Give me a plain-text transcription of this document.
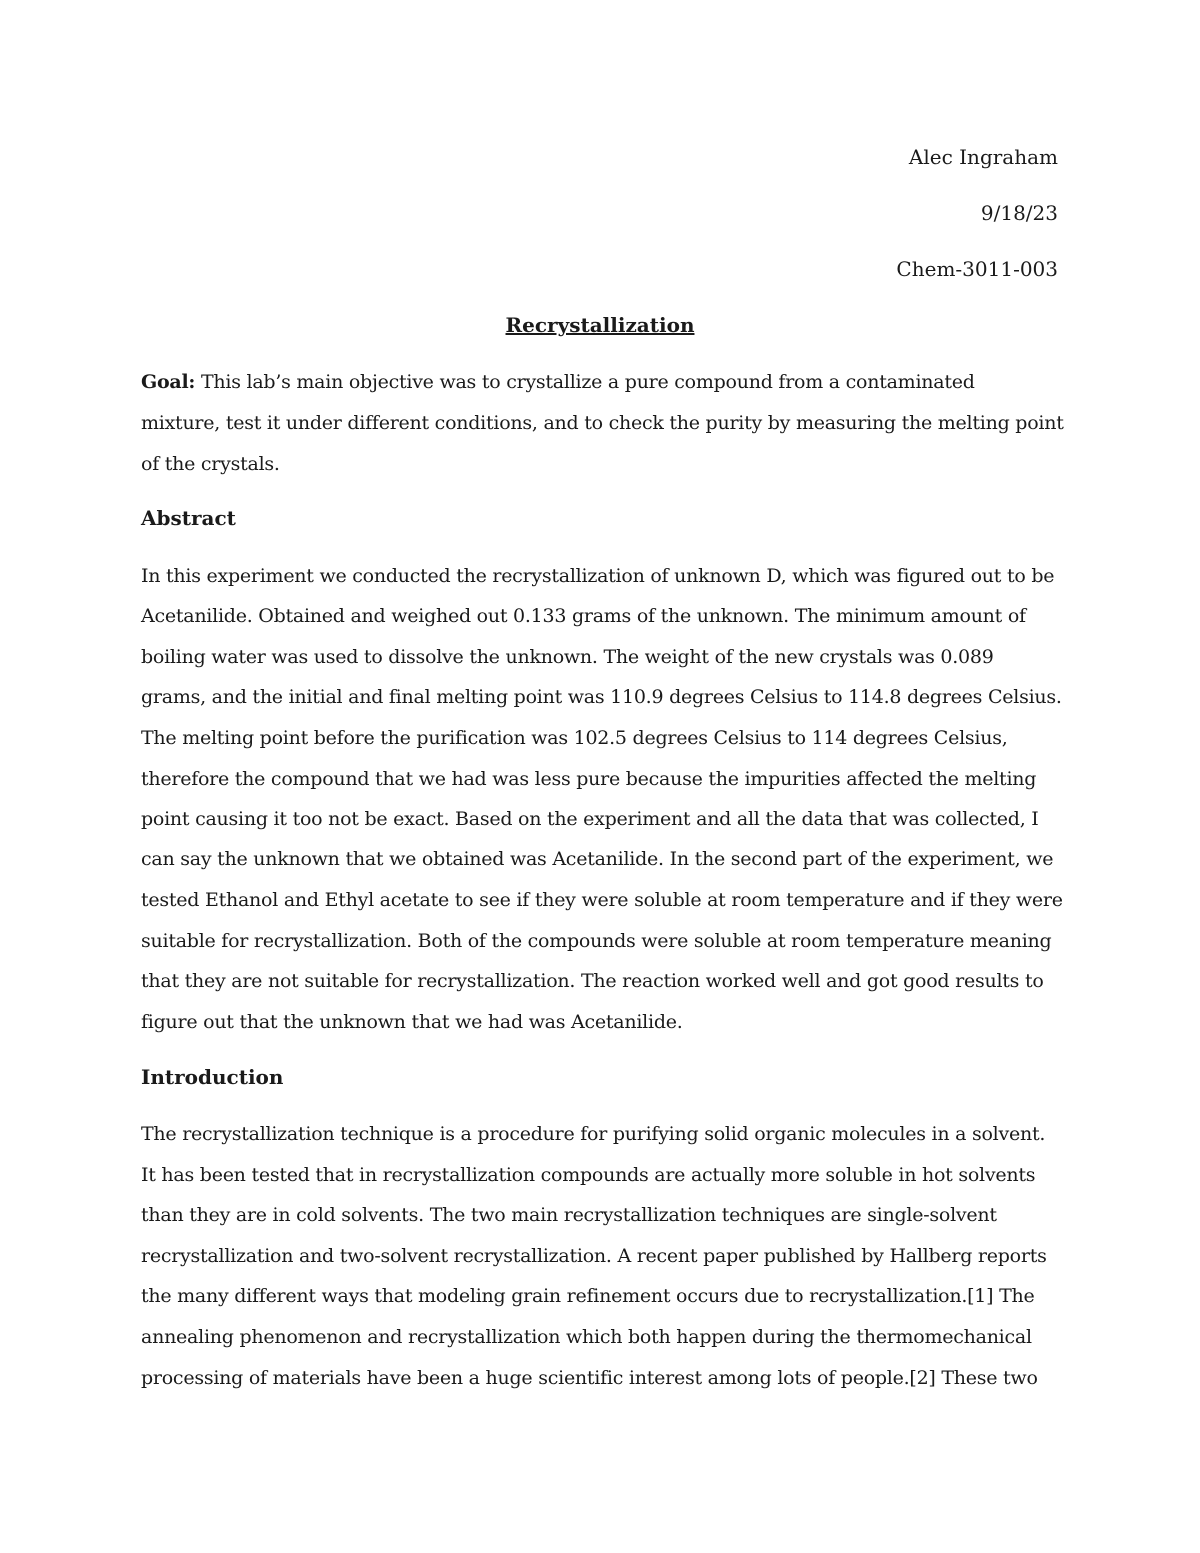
Alec Ingraham
9/18/23
Chem-3011-003
Recrystallization
Goal: This lab’s main objective was to crystallize a pure compound from a contaminated
mixture, test it under different conditions, and to check the purity by measuring the melting point
of the crystals.
Abstract
In this experiment we conducted the recrystallization of unknown D, which was figured out to be
Acetanilide. Obtained and weighed out 0.133 grams of the unknown. The minimum amount of
boiling water was used to dissolve the unknown. The weight of the new crystals was 0.089
grams, and the initial and final melting point was 110.9 degrees Celsius to 114.8 degrees Celsius.
The melting point before the purification was 102.5 degrees Celsius to 114 degrees Celsius,
therefore the compound that we had was less pure because the impurities affected the melting
point causing it too not be exact. Based on the experiment and all the data that was collected, I
can say the unknown that we obtained was Acetanilide. In the second part of the experiment, we
tested Ethanol and Ethyl acetate to see if they were soluble at room temperature and if they were
suitable for recrystallization. Both of the compounds were soluble at room temperature meaning
that they are not suitable for recrystallization. The reaction worked well and got good results to
figure out that the unknown that we had was Acetanilide.
Introduction
The recrystallization technique is a procedure for purifying solid organic molecules in a solvent.
It has been tested that in recrystallization compounds are actually more soluble in hot solvents
than they are in cold solvents. The two main recrystallization techniques are single-solvent
recrystallization and two-solvent recrystallization. A recent paper published by Hallberg reports
the many different ways that modeling grain refinement occurs due to recrystallization.[1] The
annealing phenomenon and recrystallization which both happen during the thermomechanical
processing of materials have been a huge scientific interest among lots of people.[2] These two
